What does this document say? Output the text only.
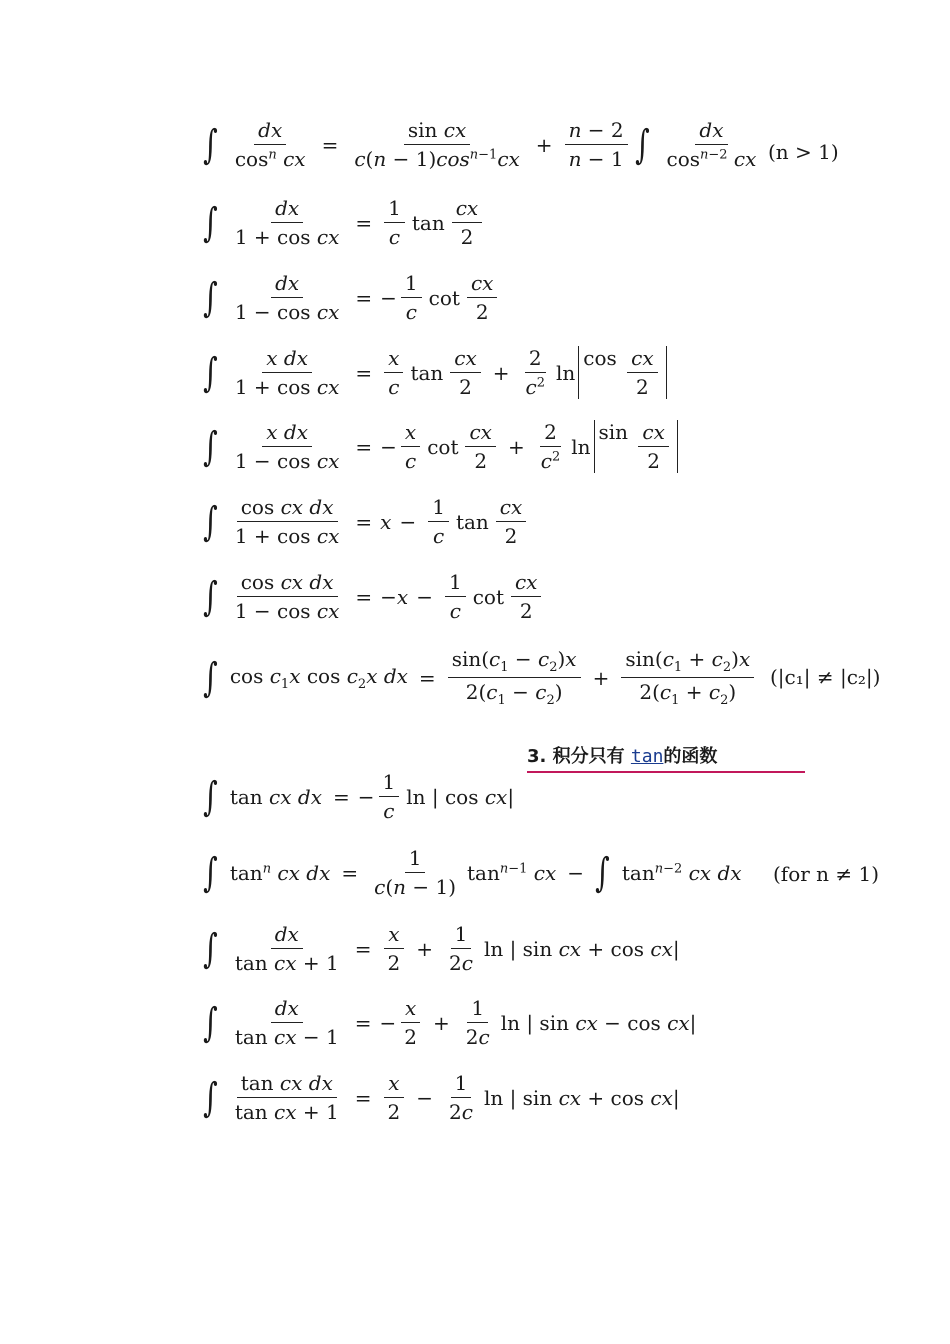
∫ $\frac{dx}{\cos^n cx} = \frac{\text{sin cx}}{c(n - 1)\cos^{n-1}cx} + \frac{n - 2}{n - 1}$ ∫ $\frac{dx}{\cos^{n-2} cx} (n > 1)$
∫ $\frac{dx}{\text{1 + cos cx}} = \frac{1}{c}$ $\tan \frac{cx}{2}$
∫ $\frac{dx}{\text{1 − cos cx}}$ = − $\frac{1}{c}$ $\cot \frac{cx}{2}$
∫ $\frac{\text{x dx}}{\text{1 + cos cx}} = \frac{x}{c}$ $\tan \frac{cx}{2} + \frac{2}{c^2}$ ln
$\cos \frac{cx}{2}$
∫ $\frac{\text{x dx}}{\text{1 − cos cx}}$ = − $\frac{x}{c}$ $\cot \frac{cx}{2} + \frac{2}{c^2}$ ln
$\sin \frac{cx}{2}$
∫ $\frac{\text{cos cx dx}}{\text{1 + cos cx}} = x - \frac{1}{c}$ $\tan \frac{cx}{2}$
∫ $\frac{\text{cos cx dx}}{\text{1 − cos cx}}$ = − $x - \frac{1}{c}$ $\cot \frac{cx}{2}$
∫ $\cos c_1x$ $\cos c_2x$ dx = $\frac{\sin(c_1 - c_2)x}{2(c_1 - c_2)} + \frac{\sin(c_1 + c_2)x}{2(c_1 + c_2)} (|c_1| \ne |c_2|)$
3. 积分只有 tan的函数
∫ tan cx dx = − $\frac{1}{c}$ ln | cos cx|
∫ $\tan^n$ cx dx = $\frac{1}{c(n - 1)} \tan^{n-1}$ cx − ∫ $\tan^{n-2}$ cx dx (for n ≠ 1)
∫ $\frac{dx}{\text{tan cx + 1}} = \frac{x}{2} + \frac{1}{2c}$ ln | sin cx + cos cx|
∫ $\frac{dx}{\text{tan cx − 1}}$ = − $\frac{x}{2} + \frac{1}{2c}$ ln | sin cx − cos cx|
∫ $\frac{\text{tan cx dx}}{\text{tan cx + 1}} = \frac{x}{2} - \frac{1}{2c}$ ln | sin cx + cos cx|
